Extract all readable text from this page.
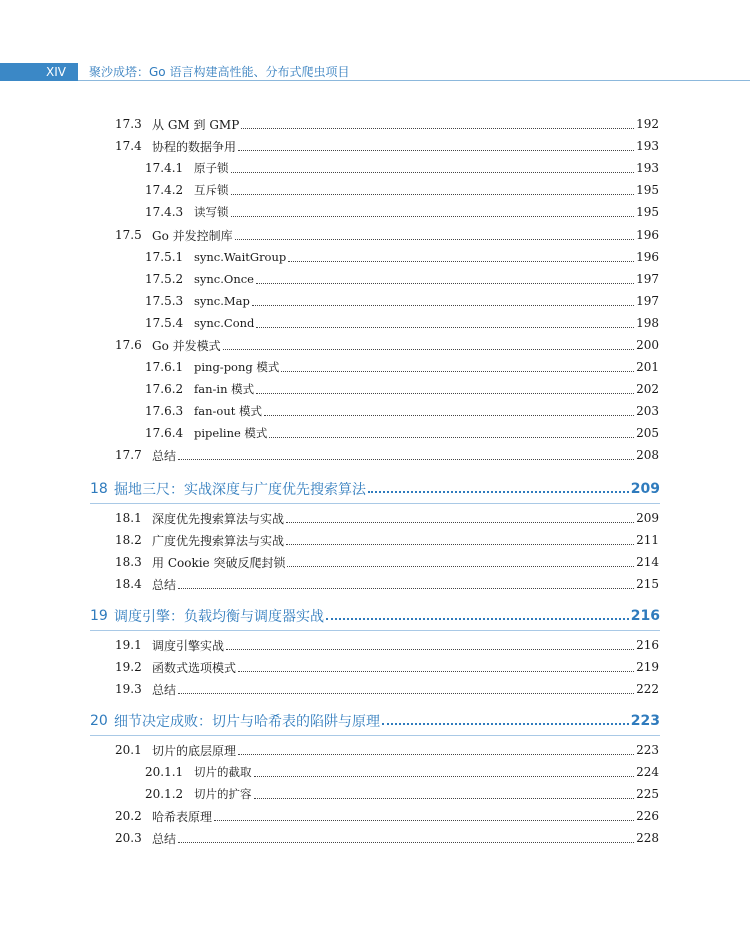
XIV 聚沙成塔：Go 语言构建高性能、分布式爬虫项目
17.3 从 GM 到 GMP	192
17.4 协程的数据争用	193
17.4.1 原子锁	193
17.4.2 互斥锁	195
17.4.3 读写锁	195
17.5 Go 并发控制库	196
17.5.1 sync.WaitGroup	196
17.5.2 sync.Once	197
17.5.3 sync.Map	197
17.5.4 sync.Cond	198
17.6 Go 并发模式	200
17.6.1 ping-pong 模式	201
17.6.2 fan-in 模式	202
17.6.3 fan-out 模式	203
17.6.4 pipeline 模式	205
17.7 总结	208
18 掘地三尺：实战深度与广度优先搜索算法	209
18.1 深度优先搜索算法与实战	209
18.2 广度优先搜索算法与实战	211
18.3 用 Cookie 突破反爬封锁	214
18.4 总结	215
19 调度引擎：负载均衡与调度器实战	216
19.1 调度引擎实战	216
19.2 函数式选项模式	219
19.3 总结	222
20 细节决定成败：切片与哈希表的陷阱与原理	223
20.1 切片的底层原理	223
20.1.1 切片的截取	224
20.1.2 切片的扩容	225
20.2 哈希表原理	226
20.3 总结	228
